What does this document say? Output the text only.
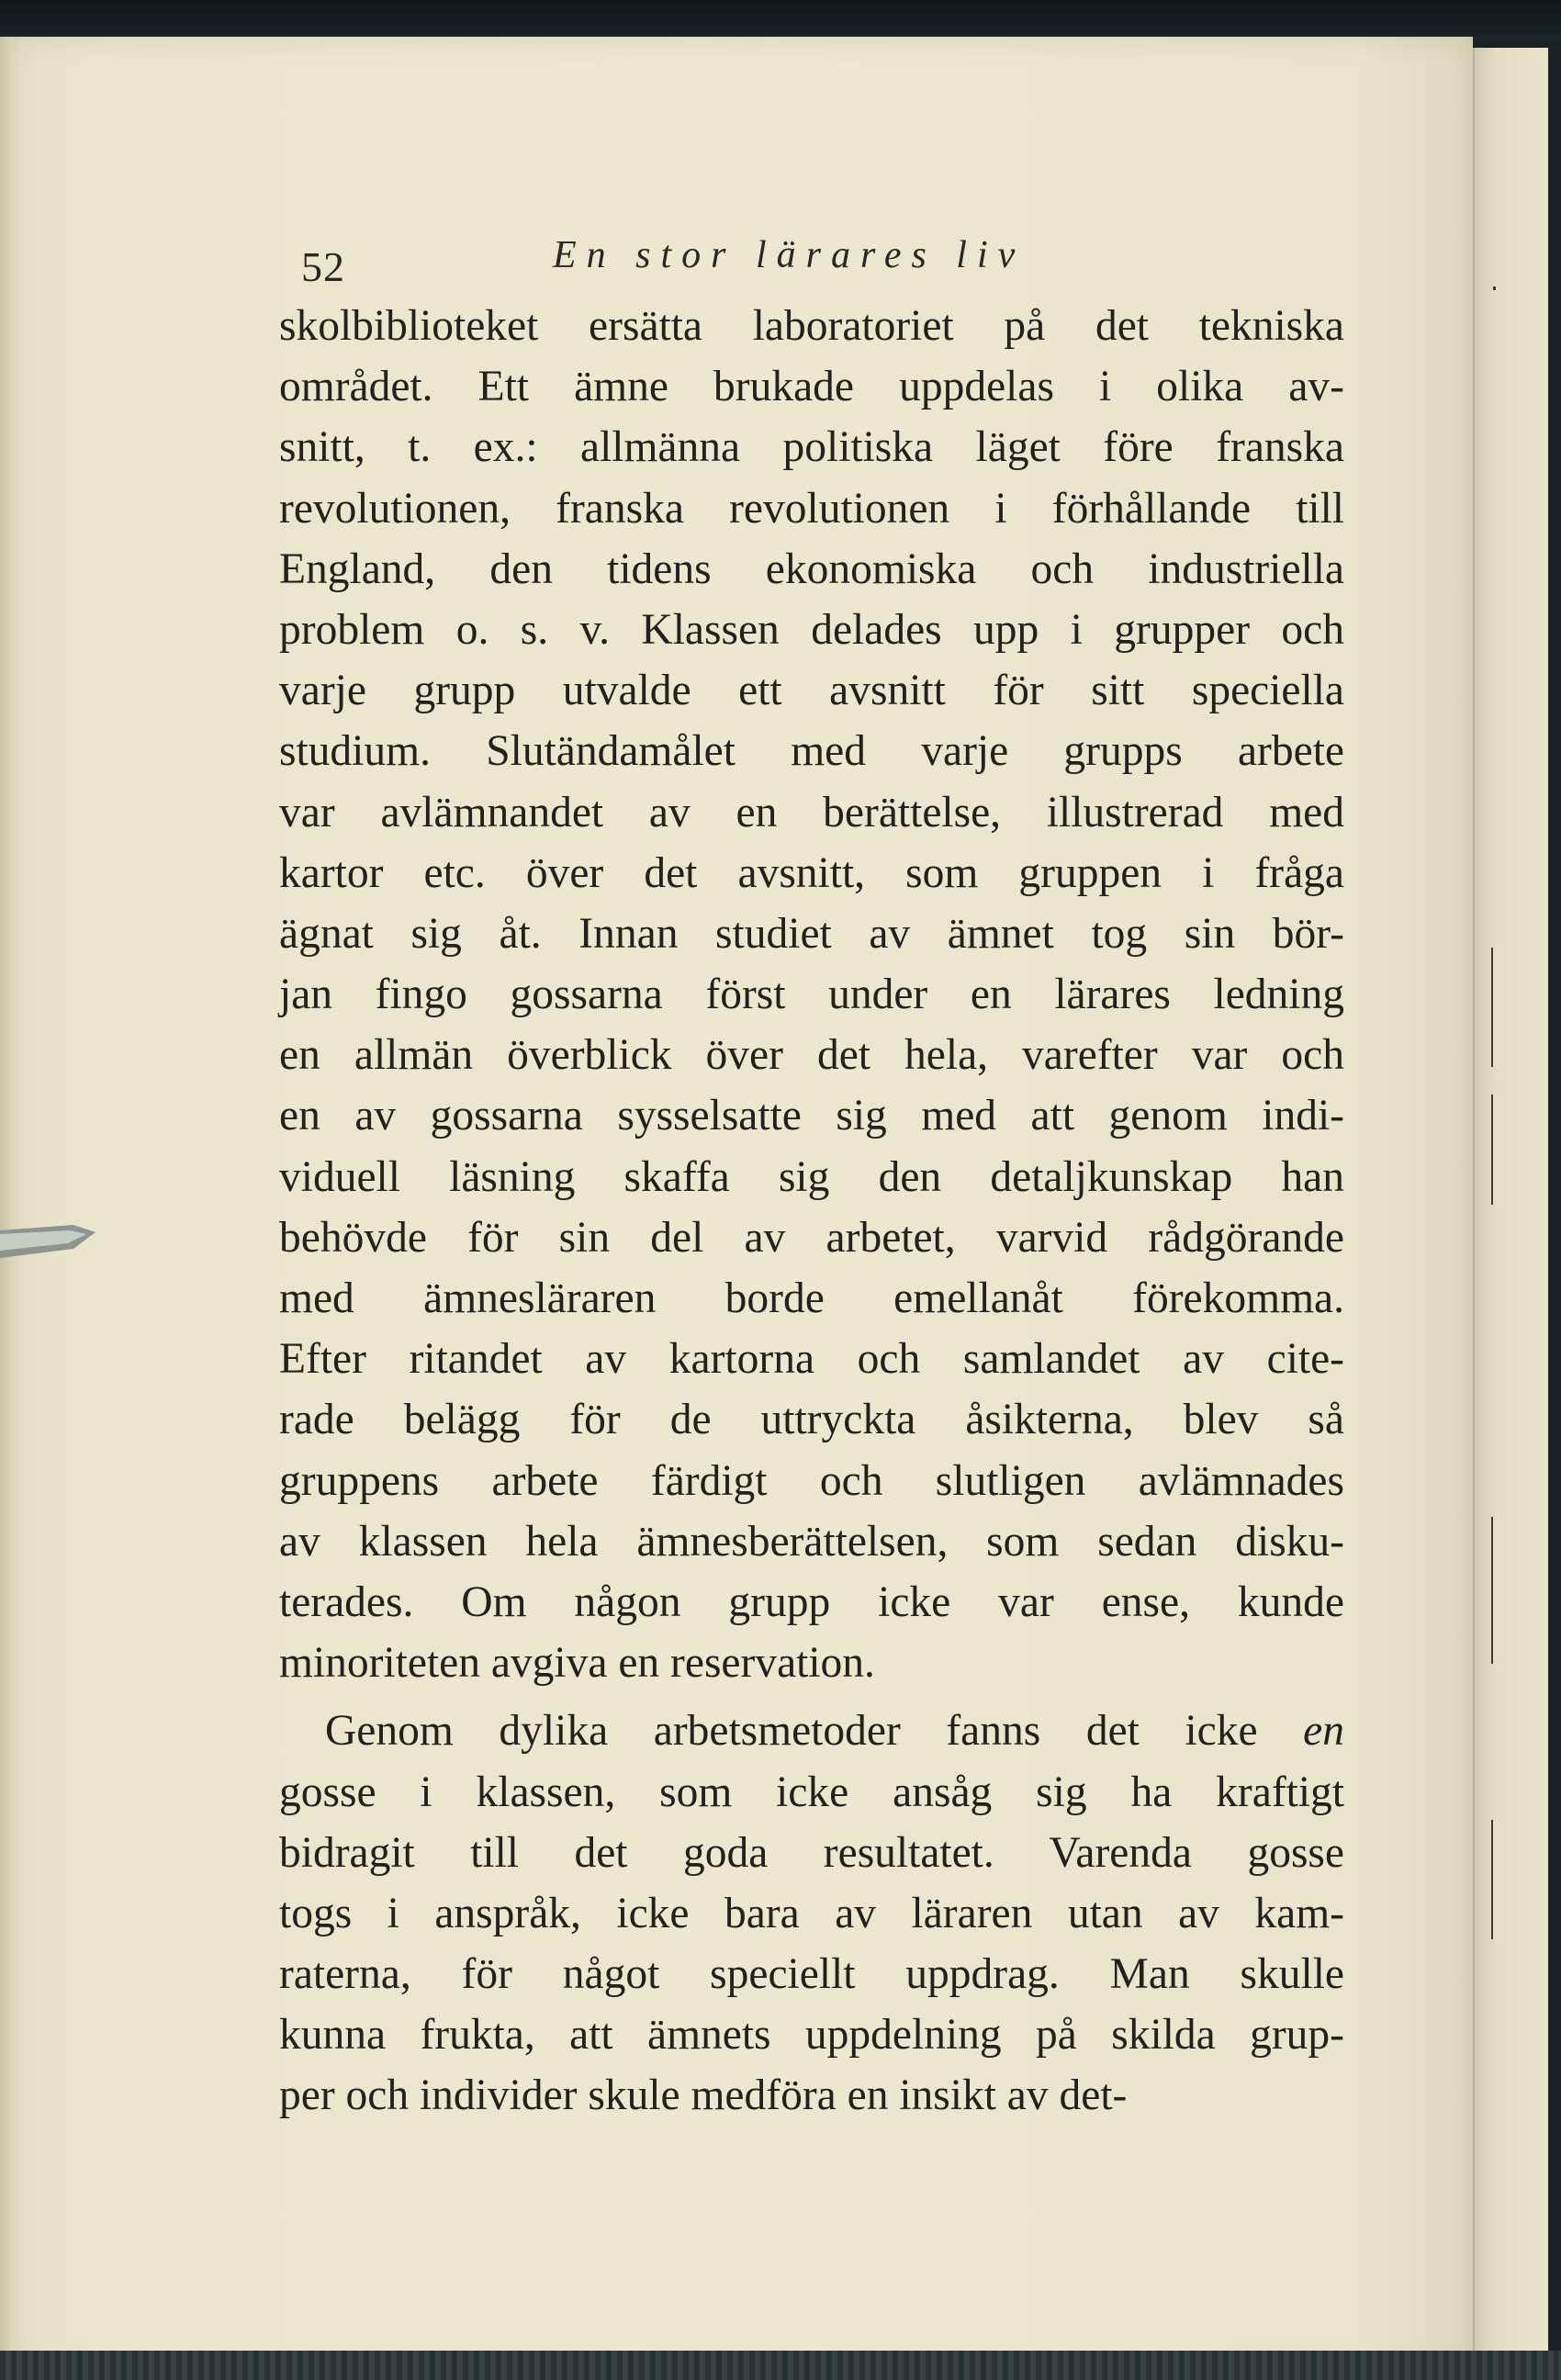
52	En stor lärares liv
skolbiblioteket ersätta laboratoriet på det tekniska
området. Ett ämne brukade uppdelas i olika av-
snitt, t. ex.: allmänna politiska läget före franska
revolutionen, franska revolutionen i förhållande till
England, den tidens ekonomiska och industriella
problem o. s. v. Klassen delades upp i grupper och
varje grupp utvalde ett avsnitt för sitt speciella
studium. Slutändamålet med varje grupps arbete
var avlämnandet av en berättelse, illustrerad med
kartor etc. över det avsnitt, som gruppen i fråga
ägnat sig åt. Innan studiet av ämnet tog sin bör-
jan fingo gossarna först under en lärares ledning
en allmän överblick över det hela, varefter var och
en av gossarna sysselsatte sig med att genom indi-
viduell läsning skaffa sig den detaljkunskap han
behövde för sin del av arbetet, varvid rådgörande
med ämnesläraren borde emellanåt förekomma.
Efter ritandet av kartorna och samlandet av cite-
rade belägg för de uttryckta åsikterna, blev så
gruppens arbete färdigt och slutligen avlämnades
av klassen hela ämnesberättelsen, som sedan disku-
terades. Om någon grupp icke var ense, kunde
minoriteten avgiva en reservation.
Genom dylika arbetsmetoder fanns det icke en
gosse i klassen, som icke ansåg sig ha kraftigt
bidragit till det goda resultatet. Varenda gosse
togs i anspråk, icke bara av läraren utan av kam-
raterna, för något speciellt uppdrag. Man skulle
kunna frukta, att ämnets uppdelning på skilda grup-
per och individer skule medföra en insikt av det-
